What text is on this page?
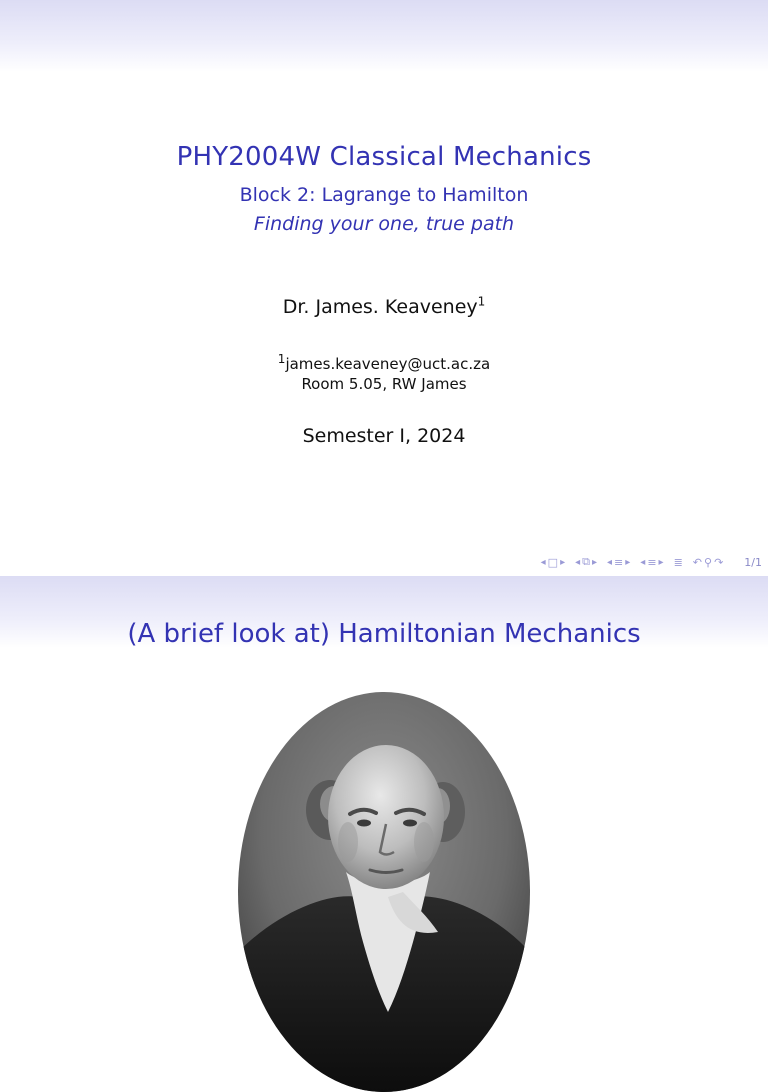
PHY2004W Classical Mechanics
Block 2: Lagrange to Hamilton
Finding your one, true path
Dr. James. Keaveney$^1$
$^1$james.keaveney@uct.ac.za
Room 5.05, RW James
Semester I, 2024
◂ □ ▸ ◂ ⧉ ▸ ◂ ≡ ▸ ◂ ≡ ▸ ≣ ↶ ⚲ ↷ 1/1
(A brief look at) Hamiltonian Mechanics
